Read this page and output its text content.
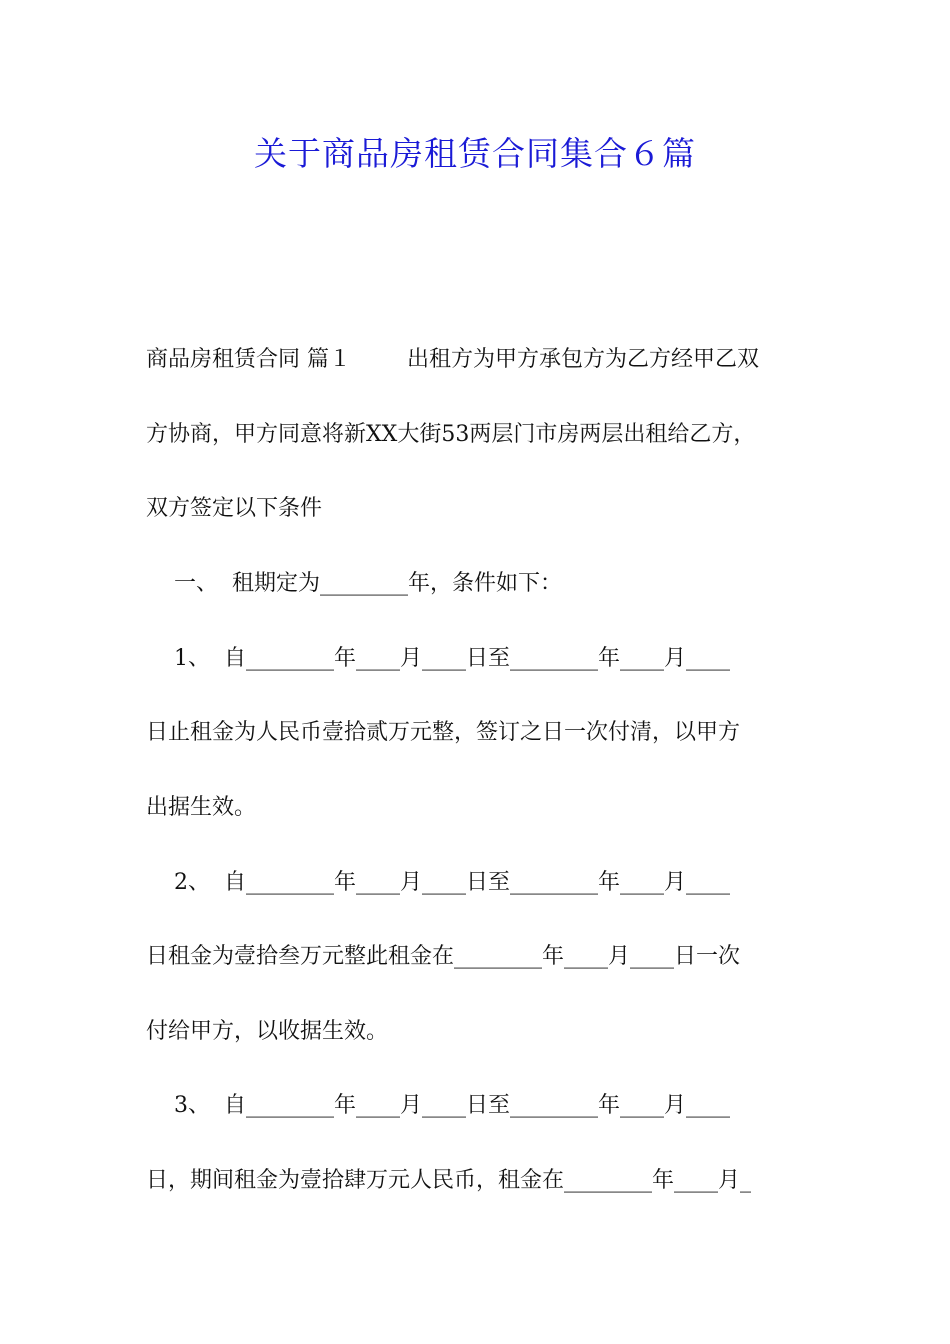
关于商品房租赁合同集合６篇

商品房租赁合同 篇１        出租方为甲方承包方为乙方经甲乙双

方协商，甲方同意将新XX大街53两层门市房两层出租给乙方，

双方签定以下条件

一、  租期定为________年，条件如下：

1、  自________年____月____日至________年____月____

日止租金为人民币壹拾贰万元整，签订之日一次付清，以甲方

出据生效。

2、  自________年____月____日至________年____月____

日租金为壹拾叁万元整此租金在________年____月____日一次

付给甲方，以收据生效。

3、  自________年____月____日至________年____月____

日，期间租金为壹拾肆万元人民币，租金在________年____月_
